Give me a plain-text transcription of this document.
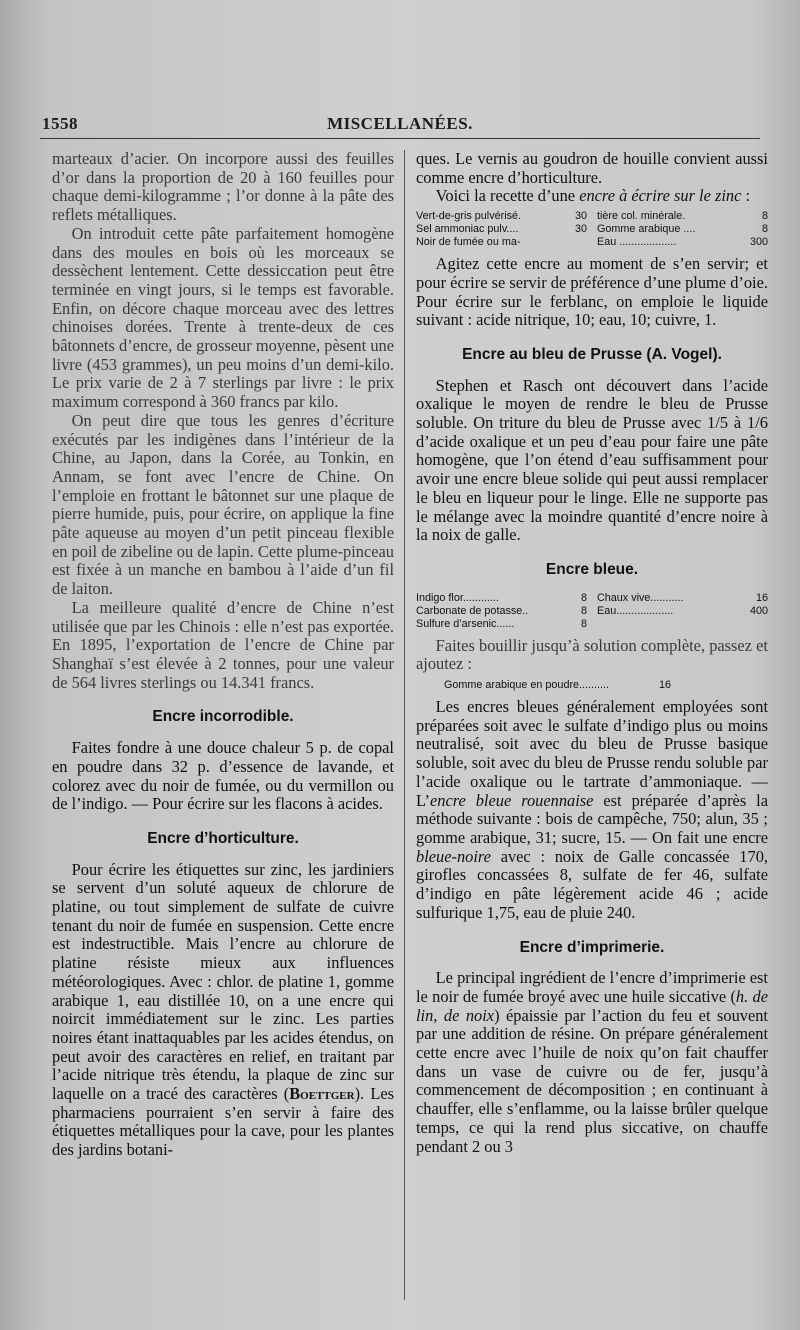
1558	MISCELLANÉES.

marteaux d’acier. On incorpore aussi des feuilles d’or dans la proportion de 20 à 160 feuilles pour chaque demi-kilogramme ; l’or donne à la pâte des reflets métalliques.

On introduit cette pâte parfaitement homogène dans des moules en bois où les morceaux se dessèchent lentement. Cette dessiccation peut être terminée en vingt jours, si le temps est favorable. Enfin, on décore chaque morceau avec des lettres chinoises dorées. Trente à trente-deux de ces bâtonnets d’encre, de grosseur moyenne, pèsent une livre (453 grammes), un peu moins d’un demi-kilo. Le prix varie de 2 à 7 sterlings par livre : le prix maximum correspond à 360 francs par kilo.

On peut dire que tous les genres d’écriture exécutés par les indigènes dans l’intérieur de la Chine, au Japon, dans la Corée, au Tonkin, en Annam, se font avec l’encre de Chine. On l’emploie en frottant le bâtonnet sur une plaque de pierre humide, puis, pour écrire, on applique la fine pâte aqueuse au moyen d’un petit pinceau flexible en poil de zibeline ou de lapin. Cette plume-pinceau est fixée à un manche en bambou à l’aide d’un fil de laiton.

La meilleure qualité d’encre de Chine n’est utilisée que par les Chinois : elle n’est pas exportée. En 1895, l’exportation de l’encre de Chine par Shanghaï s’est élevée à 2 tonnes, pour une valeur de 564 livres sterlings ou 14.341 francs.

Encre incorrodible.

Faites fondre à une douce chaleur 5 p. de copal en poudre dans 32 p. d’essence de lavande, et colorez avec du noir de fumée, ou du vermillon ou de l’indigo. — Pour écrire sur les flacons à acides.

Encre d’horticulture.

Pour écrire les étiquettes sur zinc, les jardiniers se servent d’un soluté aqueux de chlorure de platine, ou tout simplement de sulfate de cuivre tenant du noir de fumée en suspension. Cette encre est indestructible. Mais l’encre au chlorure de platine résiste mieux aux influences météorologiques. Avec : chlor. de platine 1, gomme arabique 1, eau distillée 10, on a une encre qui noircit immédiatement sur le zinc. Les parties noires étant inattaquables par les acides étendus, on peut avoir des caractères en relief, en traitant par l’acide nitrique très étendu, la plaque de zinc sur laquelle on a tracé des caractères (Boettger). Les pharmaciens pourraient s’en servir à faire des étiquettes métalliques pour la cave, pour les plantes des jardins botani-

ques. Le vernis au goudron de houille convient aussi comme encre d’horticulture.

Voici la recette d’une encre à écrire sur le zinc :

Vert-de-gris pulvérisé.	30 tière col. minérale.	8
Sel ammoniac pulv....	30 Gomme arabique ....	8
Noir de fumée ou ma-	Eau ...................	300

Agitez cette encre au moment de s’en servir; et pour écrire se servir de préférence d’une plume d’oie. Pour écrire sur le ferblanc, on emploie le liquide suivant : acide nitrique, 10; eau, 10; cuivre, 1.

Encre au bleu de Prusse (A. Vogel).

Stephen et Rasch ont découvert dans l’acide oxalique le moyen de rendre le bleu de Prusse soluble. On triture du bleu de Prusse avec 1/5 à 1/6 d’acide oxalique et un peu d’eau pour faire une pâte homogène, que l’on étend d’eau suffisamment pour avoir une encre bleue solide qui peut aussi remplacer le bleu en liqueur pour le linge. Elle ne supporte pas le mélange avec la moindre quantité d’encre noire à la noix de galle.

Encre bleue.
Indigo flor............	8 Chaux vive...........	16
Carbonate de potasse..	8 Eau...................	400
Sulfure d’arsenic......	8

Faites bouillir jusqu’à solution complète, passez et ajoutez :

Gomme arabique en poudre..........	16

Les encres bleues généralement employées sont préparées soit avec le sulfate d’indigo plus ou moins neutralisé, soit avec du bleu de Prusse basique soluble, soit avec du bleu de Prusse rendu soluble par l’acide oxalique ou le tartrate d’ammoniaque. — L’encre bleue rouennaise est préparée d’après la méthode suivante : bois de campêche, 750; alun, 35 ; gomme arabique, 31; sucre, 15. — On fait une encre bleue-noire avec : noix de Galle concassée 170, girofles concassées 8, sulfate de fer 46, sulfate d’indigo en pâte légèrement acide 46 ; acide sulfurique 1,75, eau de pluie 240.

Encre d’imprimerie.

Le principal ingrédient de l’encre d’imprimerie est le noir de fumée broyé avec une huile siccative (h. de lin, de noix) épaissie par l’action du feu et souvent par une addition de résine. On prépare généralement cette encre avec l’huile de noix qu’on fait chauffer dans un vase de cuivre ou de fer, jusqu’à commencement de décomposition ; en continuant à chauffer, elle s’enflamme, ou la laisse brûler quelque temps, ce qui la rend plus siccative, on chauffe pendant 2 ou 3
